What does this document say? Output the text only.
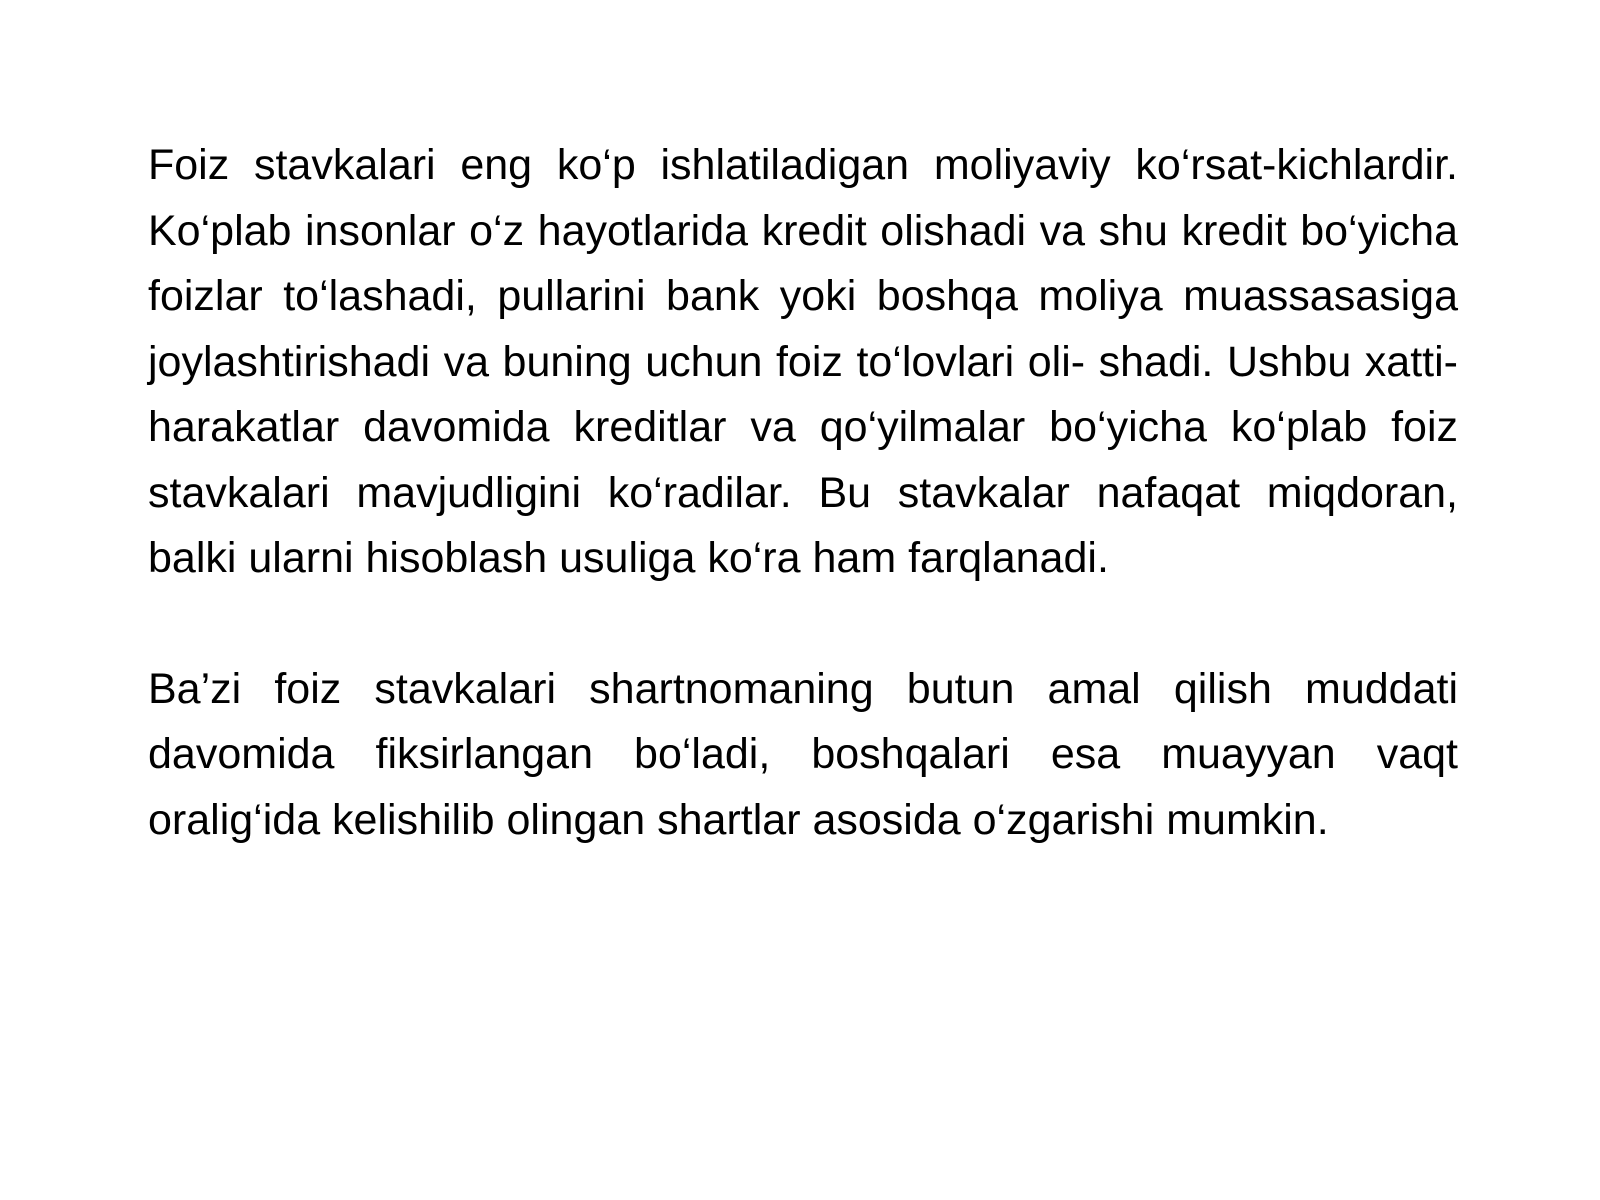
Foiz stavkalari eng ko‘p ishlatiladigan moliyaviy ko‘rsat-kichlardir. Ko‘plab insonlar o‘z hayotlarida kredit olishadi va shu kredit bo‘yicha foizlar to‘lashadi, pullarini bank yoki boshqa moliya muassasasiga joylashtirishadi va buning uchun foiz to‘lovlari oli- shadi. Ushbu xatti-harakatlar davomida kreditlar va qo‘yilmalar bo‘yicha ko‘plab foiz stavkalari mavjudligini ko‘radilar. Bu stavkalar nafaqat miqdoran, balki ularni hisoblash usuliga ko‘ra ham farqlanadi.

Ba’zi foiz stavkalari shartnomaning butun amal qilish muddati davomida fiksirlangan bo‘ladi, boshqalari esa muayyan vaqt oralig‘ida kelishilib olingan shartlar asosida o‘zgarishi mumkin.
